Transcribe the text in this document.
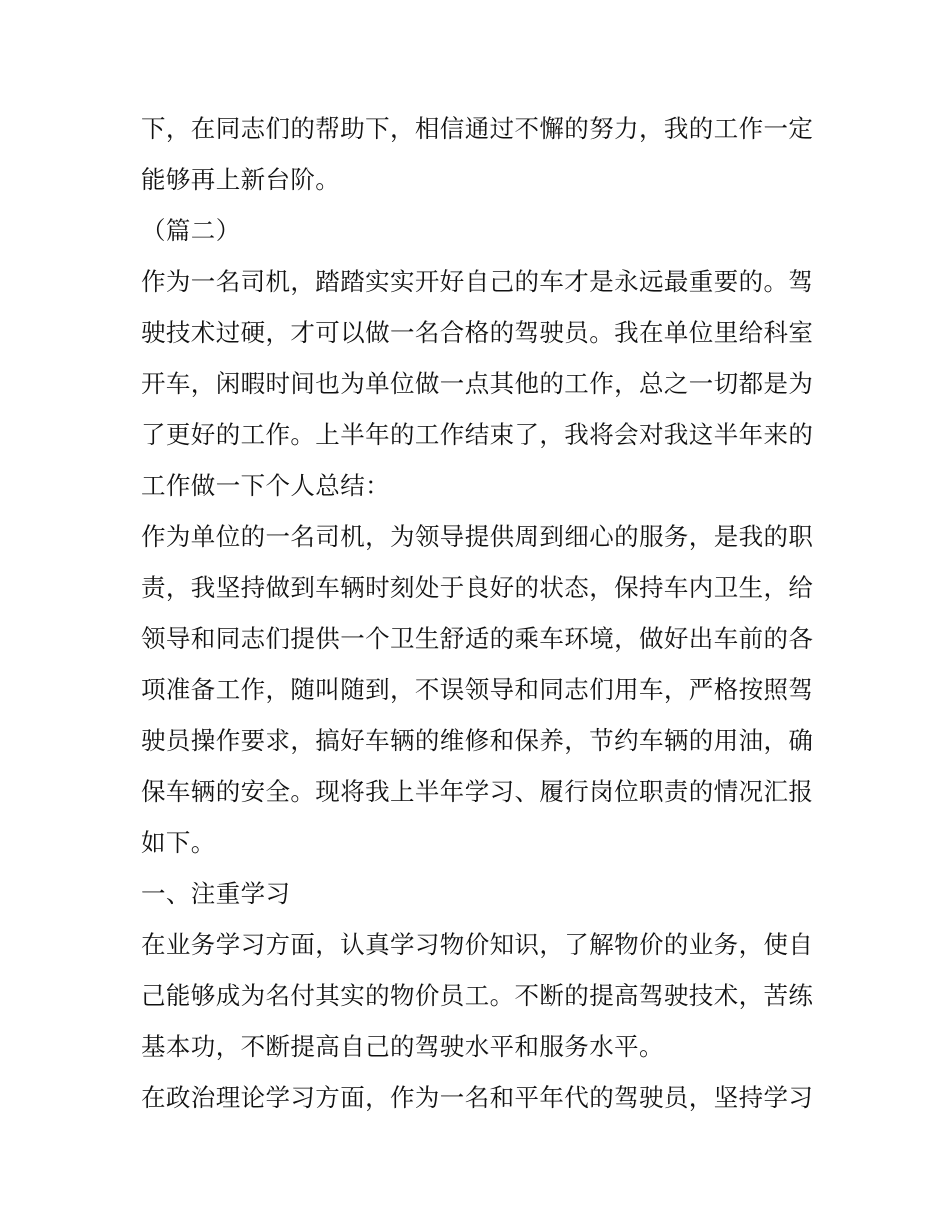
下，在同志们的帮助下，相信通过不懈的努力，我的工作一定
能够再上新台阶。
（篇二）
作为一名司机，踏踏实实开好自己的车才是永远最重要的。驾
驶技术过硬，才可以做一名合格的驾驶员。我在单位里给科室
开车，闲暇时间也为单位做一点其他的工作，总之一切都是为
了更好的工作。上半年的工作结束了，我将会对我这半年来的
工作做一下个人总结：
作为单位的一名司机，为领导提供周到细心的服务，是我的职
责，我坚持做到车辆时刻处于良好的状态，保持车内卫生，给
领导和同志们提供一个卫生舒适的乘车环境，做好出车前的各
项准备工作，随叫随到，不误领导和同志们用车，严格按照驾
驶员操作要求，搞好车辆的维修和保养，节约车辆的用油，确
保车辆的安全。现将我上半年学习、履行岗位职责的情况汇报
如下。
一、注重学习
在业务学习方面，认真学习物价知识，了解物价的业务，使自
己能够成为名付其实的物价员工。不断的提高驾驶技术，苦练
基本功，不断提高自己的驾驶水平和服务水平。
在政治理论学习方面，作为一名和平年代的驾驶员，坚持学习
